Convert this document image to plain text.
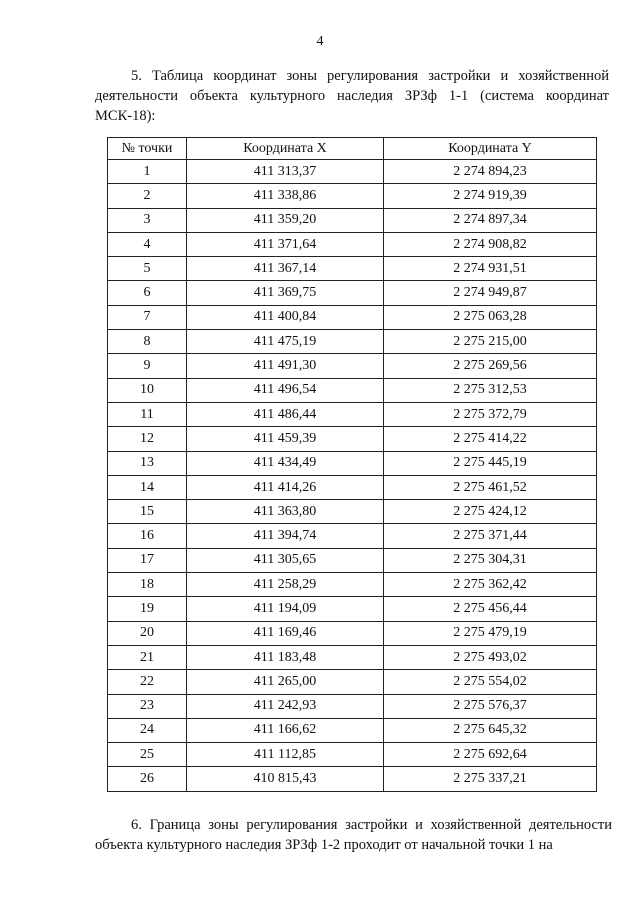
4
5. Таблица координат зоны регулирования застройки и хозяйственной деятельности объекта культурного наследия ЗРЗф 1-1 (система координат МСК-18):
№ точки	Координата X	Координата Y
1	411 313,37	2 274 894,23
2	411 338,86	2 274 919,39
3	411 359,20	2 274 897,34
4	411 371,64	2 274 908,82
5	411 367,14	2 274 931,51
6	411 369,75	2 274 949,87
7	411 400,84	2 275 063,28
8	411 475,19	2 275 215,00
9	411 491,30	2 275 269,56
10	411 496,54	2 275 312,53
11	411 486,44	2 275 372,79
12	411 459,39	2 275 414,22
13	411 434,49	2 275 445,19
14	411 414,26	2 275 461,52
15	411 363,80	2 275 424,12
16	411 394,74	2 275 371,44
17	411 305,65	2 275 304,31
18	411 258,29	2 275 362,42
19	411 194,09	2 275 456,44
20	411 169,46	2 275 479,19
21	411 183,48	2 275 493,02
22	411 265,00	2 275 554,02
23	411 242,93	2 275 576,37
24	411 166,62	2 275 645,32
25	411 112,85	2 275 692,64
26	410 815,43	2 275 337,21
6. Граница зоны регулирования застройки и хозяйственной деятельности объекта культурного наследия ЗРЗф 1-2 проходит от начальной точки 1 на
